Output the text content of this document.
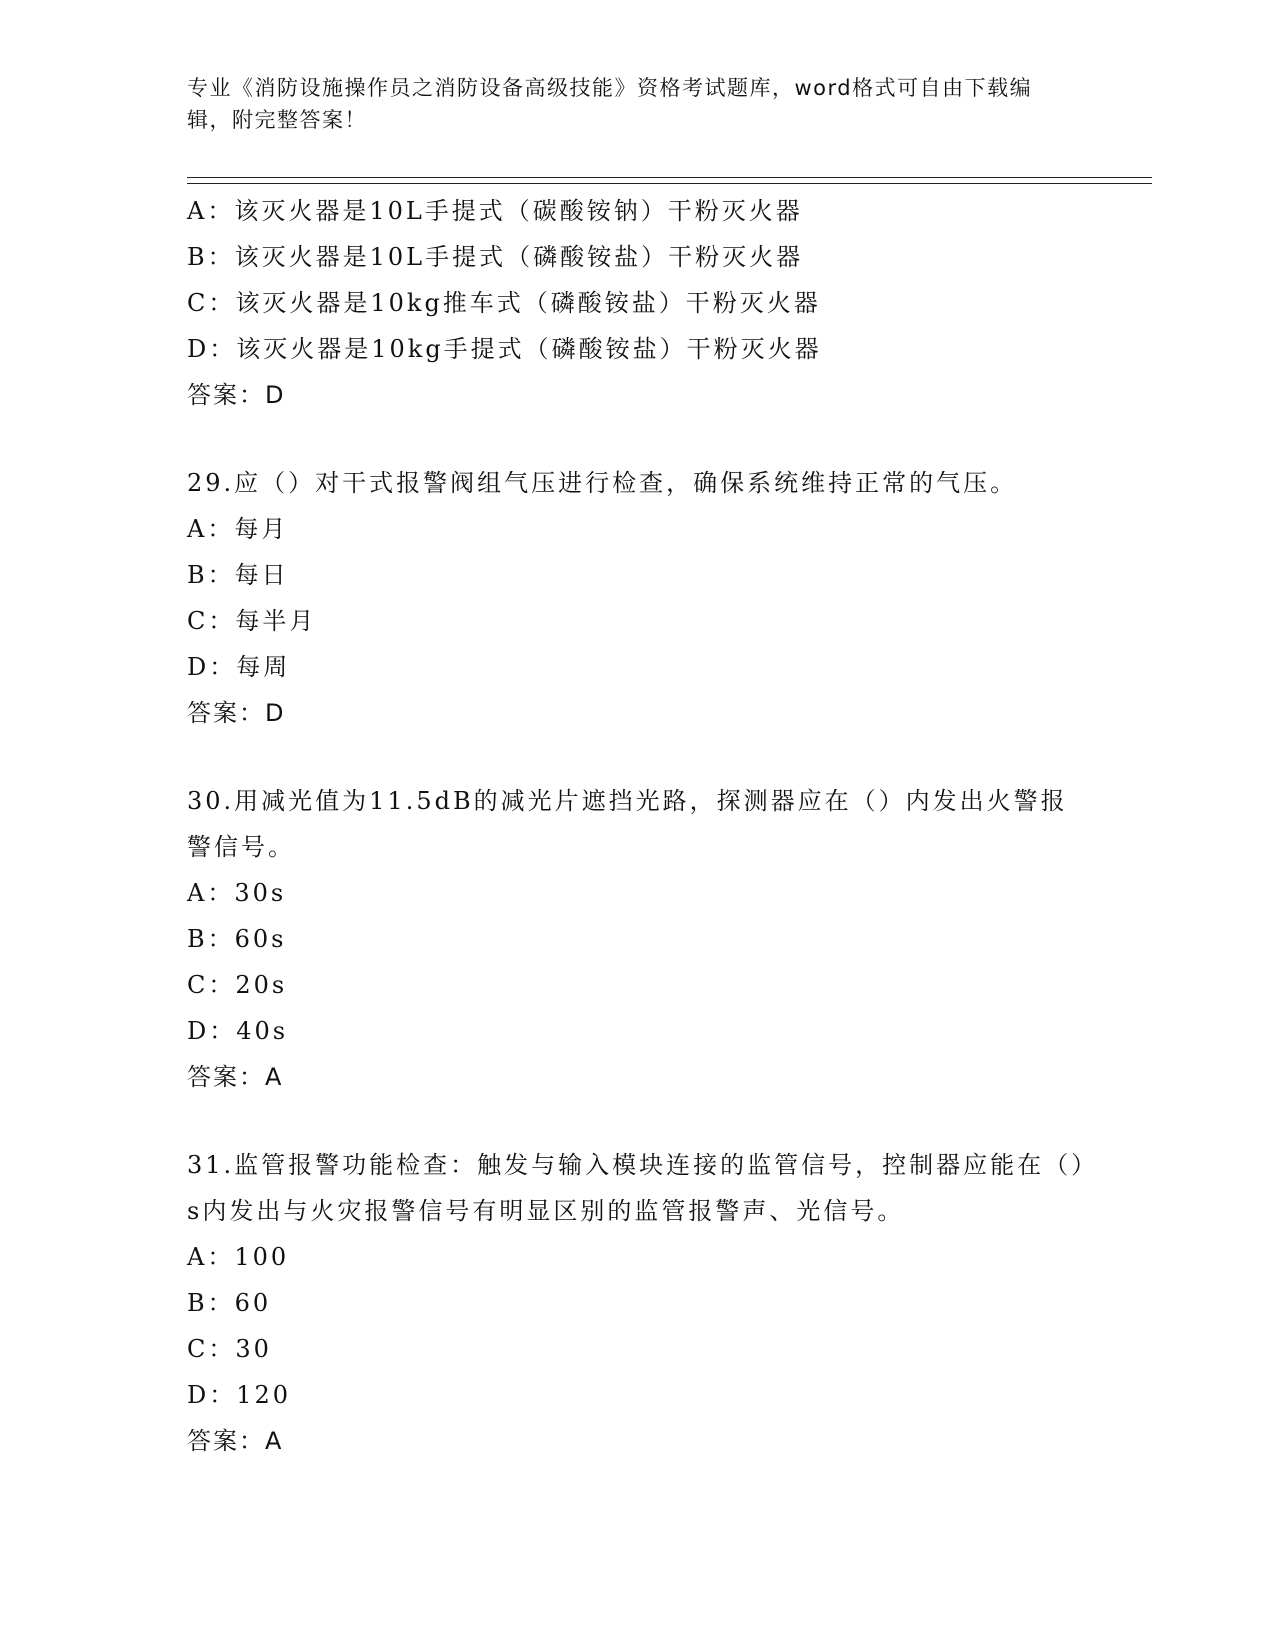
专业《消防设施操作员之消防设备高级技能》资格考试题库，word格式可自由下载编辑，附完整答案！
A：该灭火器是10L手提式（碳酸铵钠）干粉灭火器
B：该灭火器是10L手提式（磷酸铵盐）干粉灭火器
C：该灭火器是10kg推车式（磷酸铵盐）干粉灭火器
D：该灭火器是10kg手提式（磷酸铵盐）干粉灭火器
答案：D
29.应（）对干式报警阀组气压进行检查，确保系统维持正常的气压。
A：每月
B：每日
C：每半月
D：每周
答案：D
30.用减光值为11.5dB的减光片遮挡光路，探测器应在（）内发出火警报警信号。
A：30s
B：60s
C：20s
D：40s
答案：A
31.监管报警功能检查：触发与输入模块连接的监管信号，控制器应能在（）s内发出与火灾报警信号有明显区别的监管报警声、光信号。
A：100
B：60
C：30
D：120
答案：A
